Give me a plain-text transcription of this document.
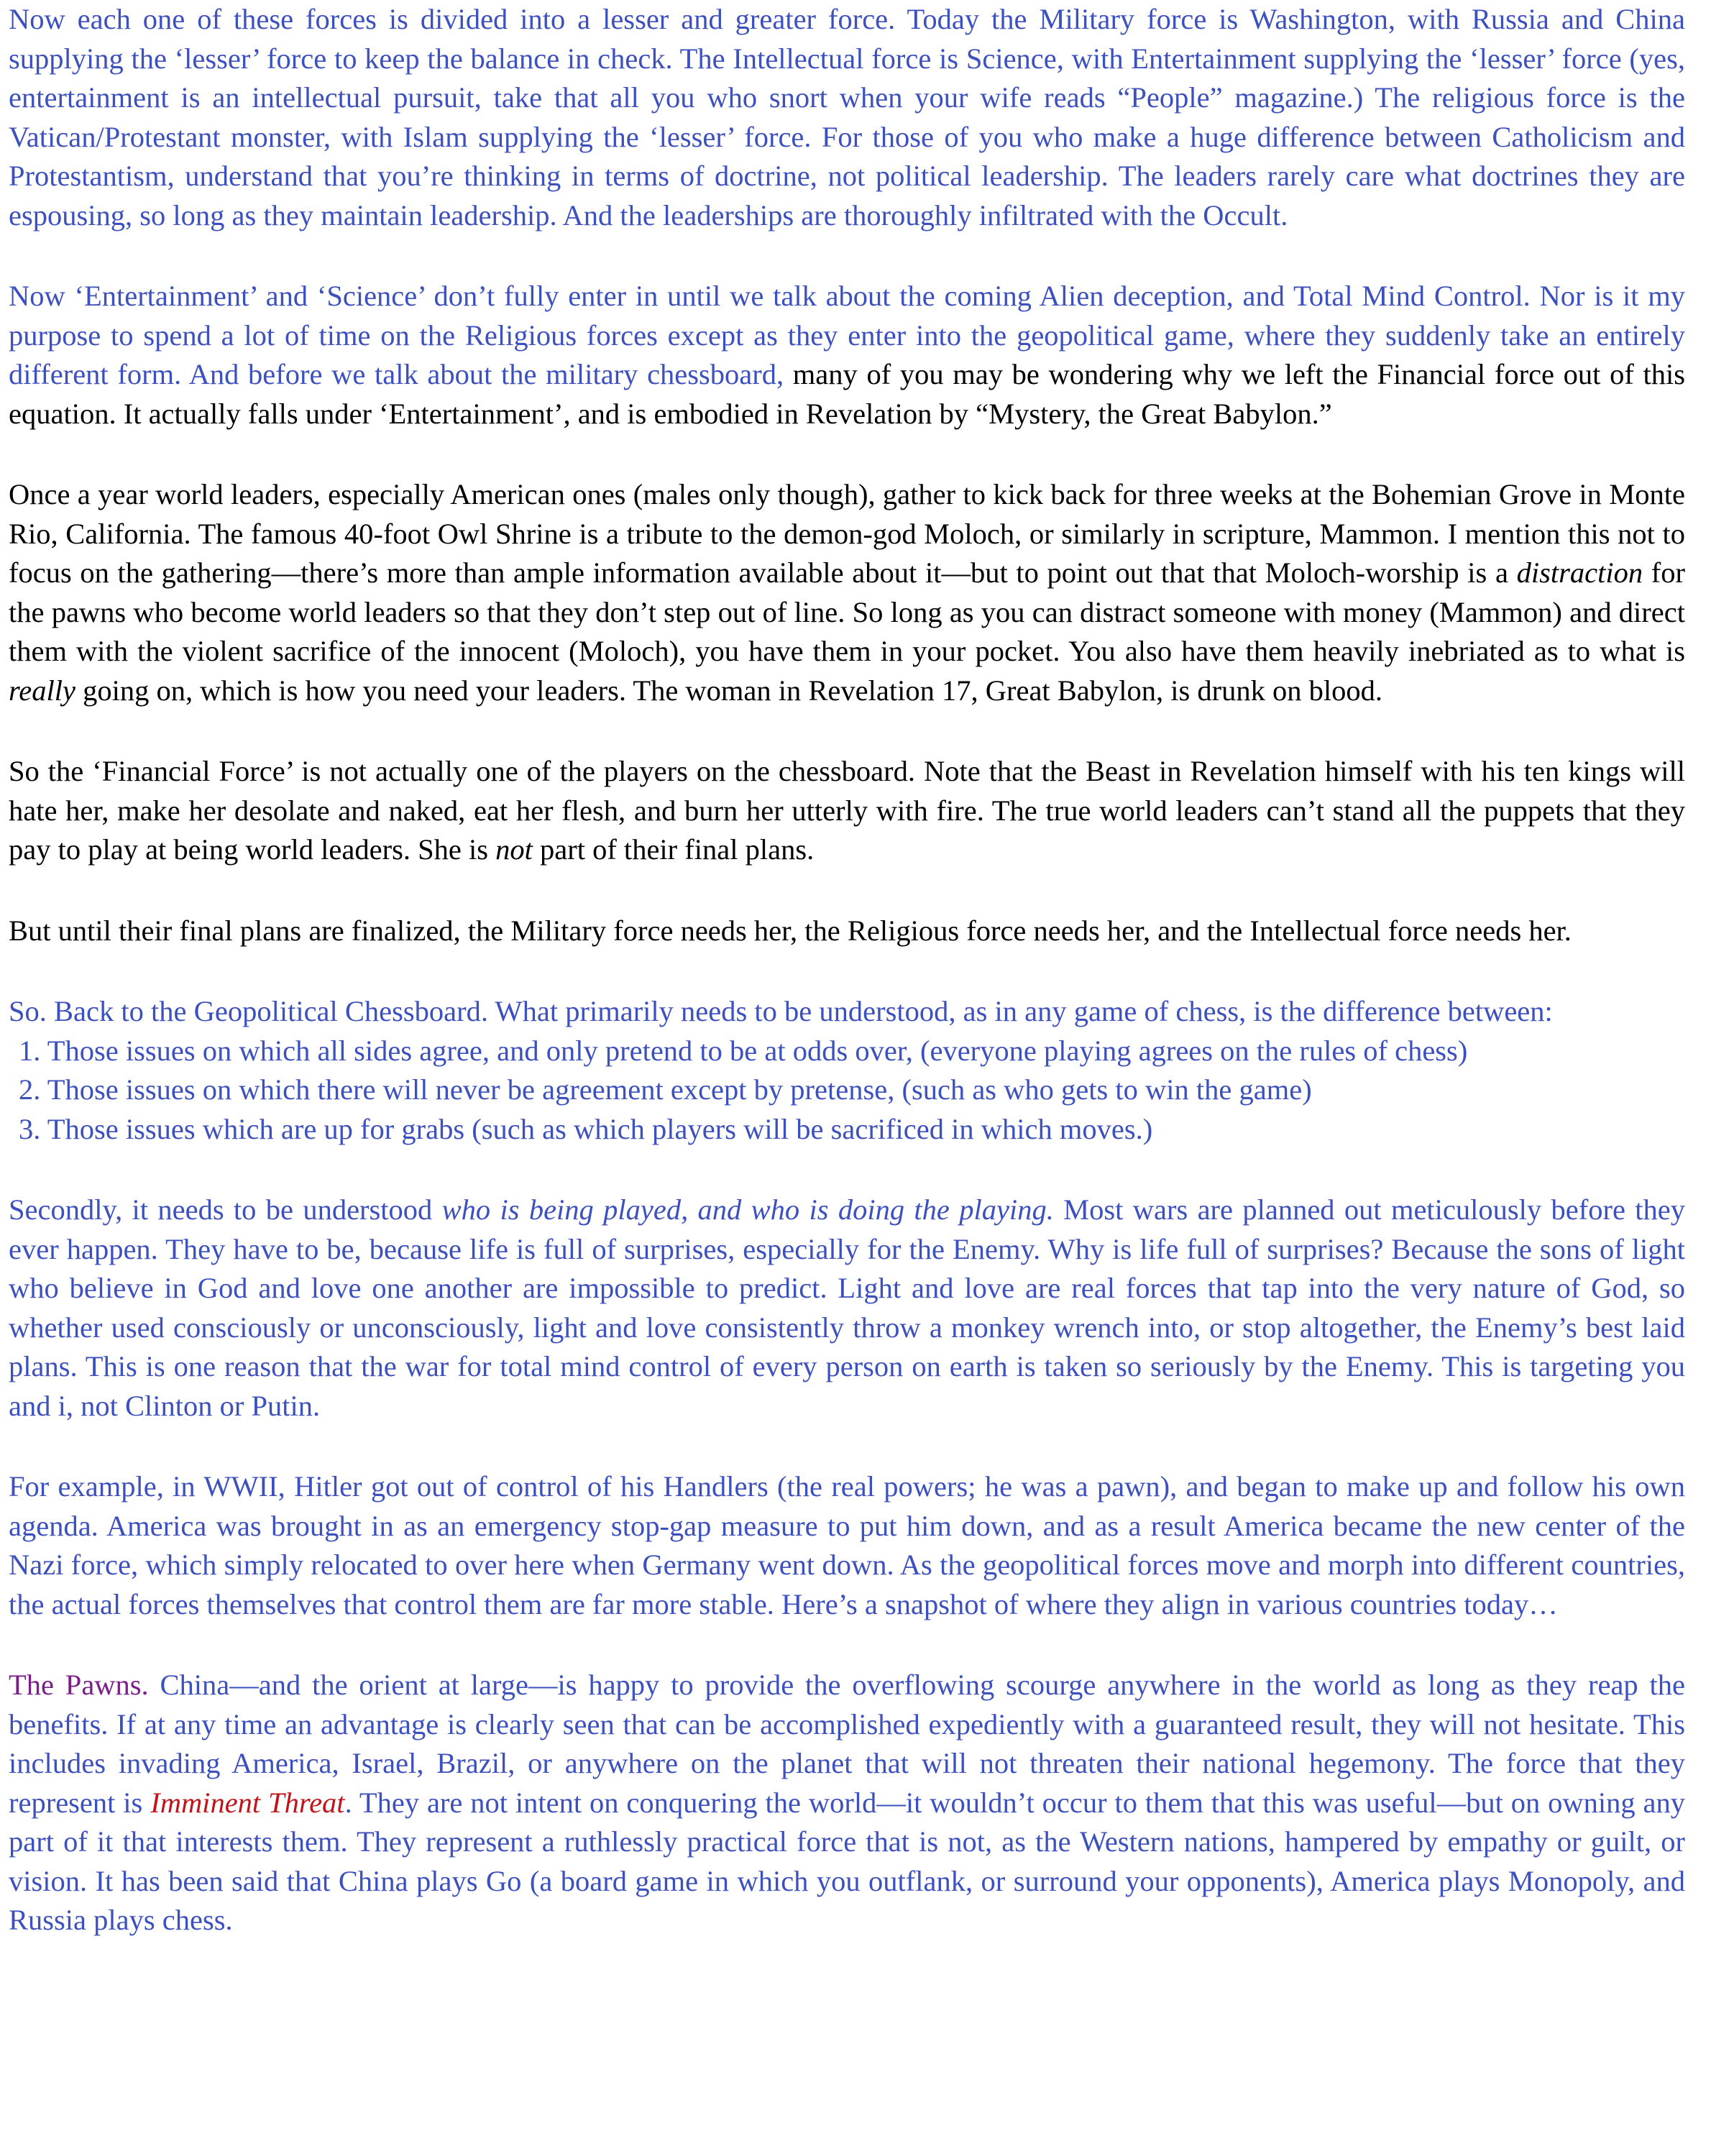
Now each one of these forces is divided into a lesser and greater force. Today the Military force is Washington, with Russia and China supplying the ‘lesser’ force to keep the balance in check. The Intellectual force is Science, with Entertainment supplying the ‘lesser’ force (yes, entertainment is an intellectual pursuit, take that all you who snort when your wife reads “People” magazine.) The religious force is the Vatican/Protestant monster, with Islam supplying the ‘lesser’ force. For those of you who make a huge difference between Catholicism and Protestantism, understand that you’re thinking in terms of doctrine, not political leadership. The leaders rarely care what doctrines they are espousing, so long as they maintain leadership. And the leaderships are thoroughly infiltrated with the Occult.

Now ‘Entertainment’ and ‘Science’ don’t fully enter in until we talk about the coming Alien deception, and Total Mind Control. Nor is it my purpose to spend a lot of time on the Religious forces except as they enter into the geopolitical game, where they suddenly take an entirely different form. And before we talk about the military chessboard, many of you may be wondering why we left the Financial force out of this equation. It actually falls under ‘Entertainment’, and is embodied in Revelation by “Mystery, the Great Babylon.”

Once a year world leaders, especially American ones (males only though), gather to kick back for three weeks at the Bohemian Grove in Monte Rio, California. The famous 40-foot Owl Shrine is a tribute to the demon-god Moloch, or similarly in scripture, Mammon. I mention this not to focus on the gathering—there’s more than ample information available about it—but to point out that that Moloch-worship is a distraction for the pawns who become world leaders so that they don’t step out of line. So long as you can distract someone with money (Mammon) and direct them with the violent sacrifice of the innocent (Moloch), you have them in your pocket. You also have them heavily inebriated as to what is really going on, which is how you need your leaders. The woman in Revelation 17, Great Babylon, is drunk on blood.

So the ‘Financial Force’ is not actually one of the players on the chessboard. Note that the Beast in Revelation himself with his ten kings will hate her, make her desolate and naked, eat her flesh, and burn her utterly with fire. The true world leaders can’t stand all the puppets that they pay to play at being world leaders. She is not part of their final plans.

But until their final plans are finalized, the Military force needs her, the Religious force needs her, and the Intellectual force needs her.

So. Back to the Geopolitical Chessboard. What primarily needs to be understood, as in any game of chess, is the difference between:

1. Those issues on which all sides agree, and only pretend to be at odds over, (everyone playing agrees on the rules of chess)
2. Those issues on which there will never be agreement except by pretense, (such as who gets to win the game)
3. Those issues which are up for grabs (such as which players will be sacrificed in which moves.)

Secondly, it needs to be understood who is being played, and who is doing the playing. Most wars are planned out meticulously before they ever happen. They have to be, because life is full of surprises, especially for the Enemy. Why is life full of surprises? Because the sons of light who believe in God and love one another are impossible to predict. Light and love are real forces that tap into the very nature of God, so whether used consciously or unconsciously, light and love consistently throw a monkey wrench into, or stop altogether, the Enemy’s best laid plans. This is one reason that the war for total mind control of every person on earth is taken so seriously by the Enemy. This is targeting you and i, not Clinton or Putin.

For example, in WWII, Hitler got out of control of his Handlers (the real powers; he was a pawn), and began to make up and follow his own agenda. America was brought in as an emergency stop-gap measure to put him down, and as a result America became the new center of the Nazi force, which simply relocated to over here when Germany went down. As the geopolitical forces move and morph into different countries, the actual forces themselves that control them are far more stable. Here’s a snapshot of where they align in various countries today…

The Pawns. China—and the orient at large—is happy to provide the overflowing scourge anywhere in the world as long as they reap the benefits. If at any time an advantage is clearly seen that can be accomplished expediently with a guaranteed result, they will not hesitate. This includes invading America, Israel, Brazil, or anywhere on the planet that will not threaten their national hegemony. The force that they represent is Imminent Threat. They are not intent on conquering the world—it wouldn’t occur to them that this was useful—but on owning any part of it that interests them. They represent a ruthlessly practical force that is not, as the Western nations, hampered by empathy or guilt, or vision. It has been said that China plays Go (a board game in which you outflank, or surround your opponents), America plays Monopoly, and Russia plays chess.
